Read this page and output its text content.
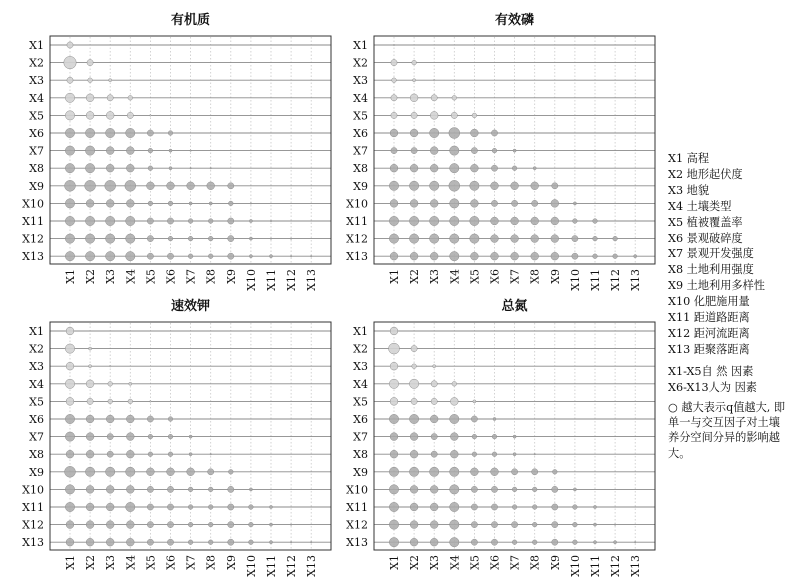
有机质
X1
X2
X3
X4
X5
X6
X7
X8
X9
X10
X11
X12
X13
X1 X2 X3 X4 X5 X6 X7 X8 X9 X10 X11 X12 X13
有效磷
X1
X2
X3
X4
X5
X6
X7
X8
X9
X10
X11
X12
X13
X1 X2 X3 X4 X5 X6 X7 X8 X9 X10 X11 X12 X13
速效钾
X1
X2
X3
X4
X5
X6
X7
X8
X9
X10
X11
X12
X13
X1 X2 X3 X4 X5 X6 X7 X8 X9 X10 X11 X12 X13
总氮
X1
X2
X3
X4
X5
X6
X7
X8
X9
X10
X11
X12
X13
X1 X2 X3 X4 X5 X6 X7 X8 X9 X10 X11 X12 X13
X1 高程
X2 地形起伏度
X3 地貌
X4 土壤类型
X5 植被覆盖率
X6 景观破碎度
X7 景观开发强度
X8 土地利用强度
X9 土地利用多样性
X10 化肥施用量
X11 距道路距离
X12 距河流距离
X13 距聚落距离
X1-X5自 然 因素
X6-X13人为 因素
○ 越大表示q值越大, 即单一与交互因子对土壤养分空间分异的影响越大。
